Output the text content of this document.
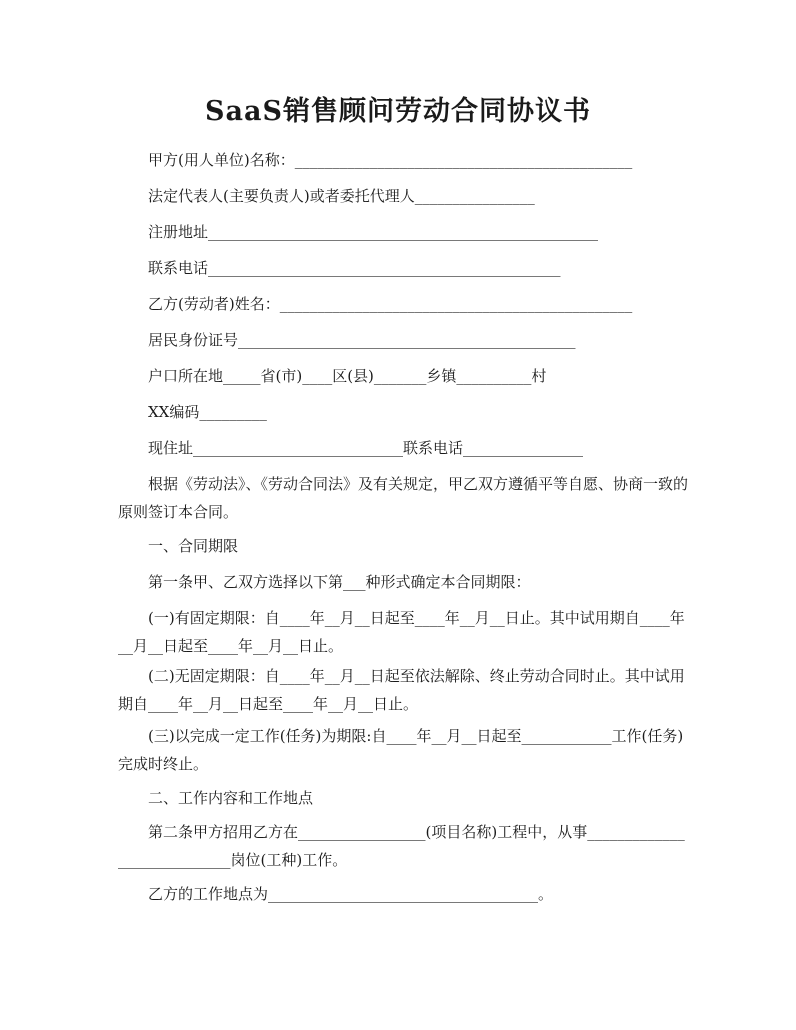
SaaS销售顾问劳动合同协议书

甲方(用人单位)名称：_____________________________________________

法定代表人(主要负责人)或者委托代理人________________

注册地址____________________________________________________

联系电话_______________________________________________

乙方(劳动者)姓名：_______________________________________________

居民身份证号_____________________________________________

户口所在地_____省(市)____区(县)_______乡镇__________村

XX编码_________

现住址____________________________联系电话________________

根据《劳动法》、《劳动合同法》及有关规定，甲乙双方遵循平等自愿、协商一致的原则签订本合同。

一、合同期限

第一条甲、乙双方选择以下第___种形式确定本合同期限：

(一)有固定期限：自____年__月__日起至____年__月__日止。其中试用期自____年__月__日起至____年__月__日止。

(二)无固定期限：自____年__月__日起至依法解除、终止劳动合同时止。其中试用期自____年__月__日起至____年__月__日止。

(三)以完成一定工作(任务)为期限:自____年__月__日起至____________工作(任务)完成时终止。

二、工作内容和工作地点

第二条甲方招用乙方在_________________(项目名称)工程中，从事____________________________岗位(工种)工作。

乙方的工作地点为____________________________________。
